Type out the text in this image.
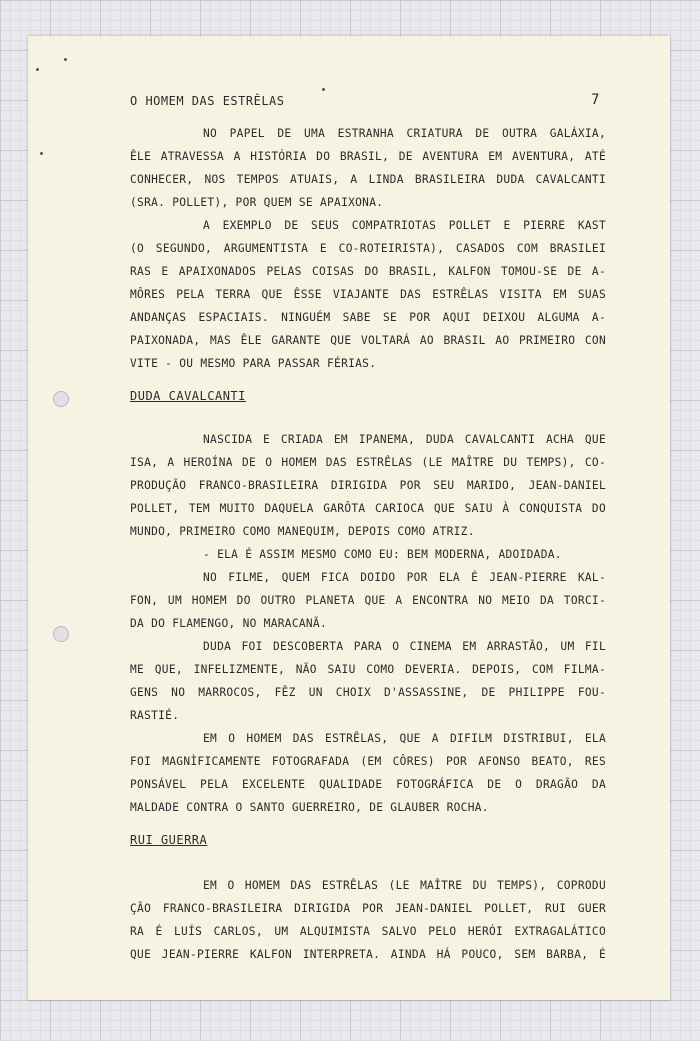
O HOMEM DAS ESTRÊLAS	7

NO PAPEL DE UMA ESTRANHA CRIATURA DE OUTRA GALÁXIA,

ÊLE ATRAVESSA A HISTÓRIA DO BRASIL, DE AVENTURA EM AVENTURA, ATÉ

CONHECER, NOS TEMPOS ATUAIS, A LINDA BRASILEIRA DUDA CAVALCANTI

(SRA. POLLET), POR QUEM SE APAIXONA.

A EXEMPLO DE SEUS COMPATRIOTAS POLLET E PIERRE KAST

(O SEGUNDO, ARGUMENTISTA E CO-ROTEIRISTA), CASADOS COM BRASILEI

RAS E APAIXONADOS PELAS COISAS DO BRASIL, KALFON TOMOU-SE DE A-

MÔRES PELA TERRA QUE ÊSSE VIAJANTE DAS ESTRÊLAS VISITA EM SUAS

ANDANÇAS ESPACIAIS. NINGUÉM SABE SE POR AQUI DEIXOU ALGUMA A-

PAIXONADA, MAS ÊLE GARANTE QUE VOLTARÁ AO BRASIL AO PRIMEIRO CON

VITE - OU MESMO PARA PASSAR FÉRIAS.

DUDA CAVALCANTI

NASCIDA E CRIADA EM IPANEMA, DUDA CAVALCANTI ACHA QUE

ISA, A HEROÍNA DE O HOMEM DAS ESTRÊLAS (LE MAÎTRE DU TEMPS), CO-

PRODUÇÃO FRANCO-BRASILEIRA DIRIGIDA POR SEU MARIDO, JEAN-DANIEL

POLLET, TEM MUITO DAQUELA GARÔTA CARIOCA QUE SAIU À CONQUISTA DO

MUNDO, PRIMEIRO COMO MANEQUIM, DEPOIS COMO ATRIZ.

- ELA É ASSIM MESMO COMO EU: BEM MODERNA, ADOIDADA.

NO FILME, QUEM FICA DOIDO POR ELA É JEAN-PIERRE KAL-

FON, UM HOMEM DO OUTRO PLANETA QUE A ENCONTRA NO MEIO DA TORCI-

DA DO FLAMENGO, NO MARACANÃ.

DUDA FOI DESCOBERTA PARA O CINEMA EM ARRASTÃO, UM FIL

ME QUE, INFELIZMENTE, NÃO SAIU COMO DEVERIA. DEPOIS, COM FILMA-

GENS NO MARROCOS, FÊZ UN CHOIX D'ASSASSINE, DE PHILIPPE FOU-

RASTIÉ.

EM O HOMEM DAS ESTRÊLAS, QUE A DIFILM DISTRIBUI, ELA

FOI MAGNÌFICAMENTE FOTOGRAFADA (EM CÔRES) POR AFONSO BEATO, RES

PONSÁVEL PELA EXCELENTE QUALIDADE FOTOGRÁFICA DE O DRAGÃO DA

MALDADE CONTRA O SANTO GUERREIRO, DE GLAUBER ROCHA.

RUI GUERRA

EM O HOMEM DAS ESTRÊLAS (LE MAÎTRE DU TEMPS), COPRODU

ÇÃO FRANCO-BRASILEIRA DIRIGIDA POR JEAN-DANIEL POLLET, RUI GUER

RA É LUÍS CARLOS, UM ALQUIMISTA SALVO PELO HERÓI EXTRAGALÁTICO

QUE JEAN-PIERRE KALFON INTERPRETA. AINDA HÁ POUCO, SEM BARBA, É
